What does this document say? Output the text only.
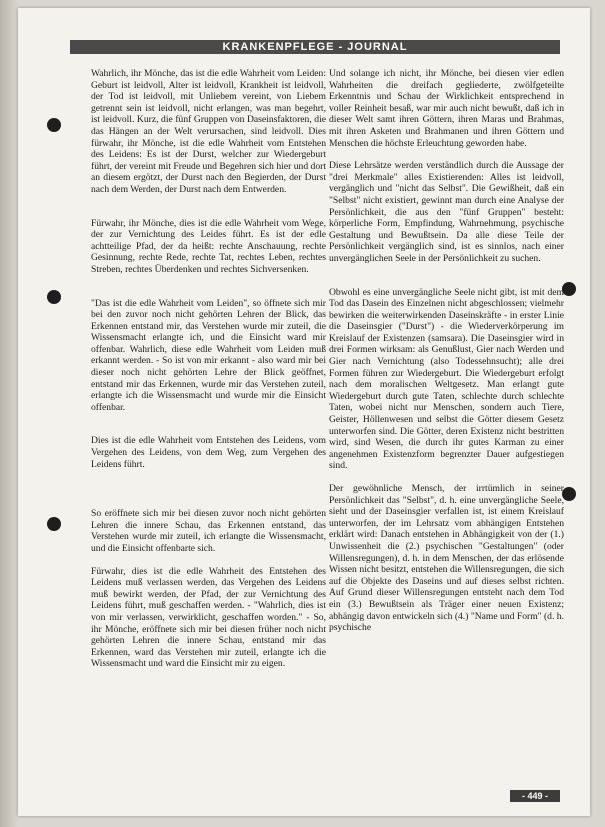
KRANKENPFLEGE - JOURNAL

Wahrlich, ihr Mönche, das ist die edle Wahrheit vom Leiden: Geburt ist leidvoll, Alter ist leidvoll, Krankheit ist leidvoll, der Tod ist leidvoll, mit Unliebem vereint, von Liebem getrennt sein ist leidvoll, nicht erlangen, was man begehrt, ist leidvoll. Kurz, die fünf Gruppen von Daseinsfaktoren, die das Hängen an der Welt verursachen, sind leidvoll. Dies fürwahr, ihr Mönche, ist die edle Wahrheit vom Entstehen des Leidens: Es ist der Durst, welcher zur Wiedergeburt führt, der vereint mit Freude und Begehren sich hier und dort an diesem ergötzt, der Durst nach den Begierden, der Durst nach dem Werden, der Durst nach dem Entwerden.

Fürwahr, ihr Mönche, dies ist die edle Wahrheit vom Wege, der zur Vernichtung des Leides führt. Es ist der edle achtteilige Pfad, der da heißt: rechte Anschauung, rechte Gesinnung, rechte Rede, rechte Tat, rechtes Leben, rechtes Streben, rechtes Überdenken und rechtes Sichversenken.

"Das ist die edle Wahrheit vom Leiden", so öffnete sich mir bei den zuvor noch nicht gehörten Lehren der Blick, das Erkennen entstand mir, das Verstehen wurde mir zuteil, die Wissensmacht erlangte ich, und die Einsicht ward mir offenbar. Wahrlich, diese edle Wahrheit vom Leiden muß erkannt werden. - So ist von mir erkannt - also ward mir bei dieser noch nicht gehörten Lehre der Blick geöffnet, entstand mir das Erkennen, wurde mir das Verstehen zuteil, erlangte ich die Wissensmacht und wurde mir die Einsicht offenbar.

Dies ist die edle Wahrheit vom Entstehen des Leidens, vom Vergehen des Leidens, von dem Weg, zum Vergehen des Leidens führt.

So eröffnete sich mir bei diesen zuvor noch nicht gehörten Lehren die innere Schau, das Erkennen entstand, das Verstehen wurde mir zuteil, ich erlangte die Wissensmacht, und die Einsicht offenbarte sich.

Fürwahr, dies ist die edle Wahrheit des Entstehen des Leidens muß verlassen werden, das Vergehen des Leidens muß bewirkt werden, der Pfad, der zur Vernichtung des Leidens führt, muß geschaffen werden. - "Wahrlich, dies ist von mir verlassen, verwirklicht, geschaffen worden." - So, ihr Mönche, eröffnete sich mir bei diesen früher noch nicht gehörten Lehren die innere Schau, entstand mir das Erkennen, ward das Verstehen mir zuteil, erlangte ich die Wissensmacht und ward die Einsicht mir zu eigen.

Und solange ich nicht, ihr Mönche, bei diesen vier edlen Wahrheiten die dreifach gegliederte, zwölfgeteilte Erkenntnis und Schau der Wirklichkeit entsprechend in voller Reinheit besaß, war mir auch nicht bewußt, daß ich in dieser Welt samt ihren Göttern, ihren Maras und Brahmas, mit ihren Asketen und Brahmanen und ihren Göttern und Menschen die höchste Erleuchtung geworden habe.

Diese Lehrsätze werden verständlich durch die Aussage der "drei Merkmale" alles Existierenden: Alles ist leidvoll, vergänglich und "nicht das Selbst". Die Gewißheit, daß ein "Selbst" nicht existiert, gewinnt man durch eine Analyse der Persönlichkeit, die aus den "fünf Gruppen" besteht: körperliche Form, Empfindung, Wahrnehmung, psychische Gestaltung und Bewußtsein. Da alle diese Teile der Persönlichkeit vergänglich sind, ist es sinnlos, nach einer unvergänglichen Seele in der Persönlichkeit zu suchen.

Obwohl es eine unvergängliche Seele nicht gibt, ist mit dem Tod das Dasein des Einzelnen nicht abgeschlossen; vielmehr bewirken die weiterwirkenden Daseinskräfte - in erster Linie die Daseinsgier ("Durst") - die Wiederverkörperung im Kreislauf der Existenzen (samsara). Die Daseinsgier wird in drei Formen wirksam: als Genußlust, Gier nach Werden und Gier nach Vernichtung (also Todessehnsucht); alle drei Formen führen zur Wiedergeburt. Die Wiedergeburt erfolgt nach dem moralischen Weltgesetz. Man erlangt gute Wiedergeburt durch gute Taten, schlechte durch schlechte Taten, wobei nicht nur Menschen, sondern auch Tiere, Geister, Höllenwesen und selbst die Götter diesem Gesetz unterworfen sind. Die Götter, deren Existenz nicht bestritten wird, sind Wesen, die durch ihr gutes Karman zu einer angenehmen Existenzform begrenzter Dauer aufgestiegen sind.

Der gewöhnliche Mensch, der irrtümlich in seiner Persönlichkeit das "Selbst", d. h. eine unvergängliche Seele, sieht und der Daseinsgier verfallen ist, ist einem Kreislauf unterworfen, der im Lehrsatz vom abhängigen Entstehen erklärt wird: Danach entstehen in Abhängigkeit von der (1.) Unwissenheit die (2.) psychischen "Gestaltungen" (oder Willensregungen), d. h. in dem Menschen, der das erlösende Wissen nicht besitzt, entstehen die Willensregungen, die sich auf die Objekte des Daseins und auf dieses selbst richten. Auf Grund dieser Willensregungen entsteht nach dem Tod ein (3.) Bewußtsein als Träger einer neuen Existenz; abhängig davon entwickeln sich (4.) "Name und Form" (d. h. psychische

- 449 -
